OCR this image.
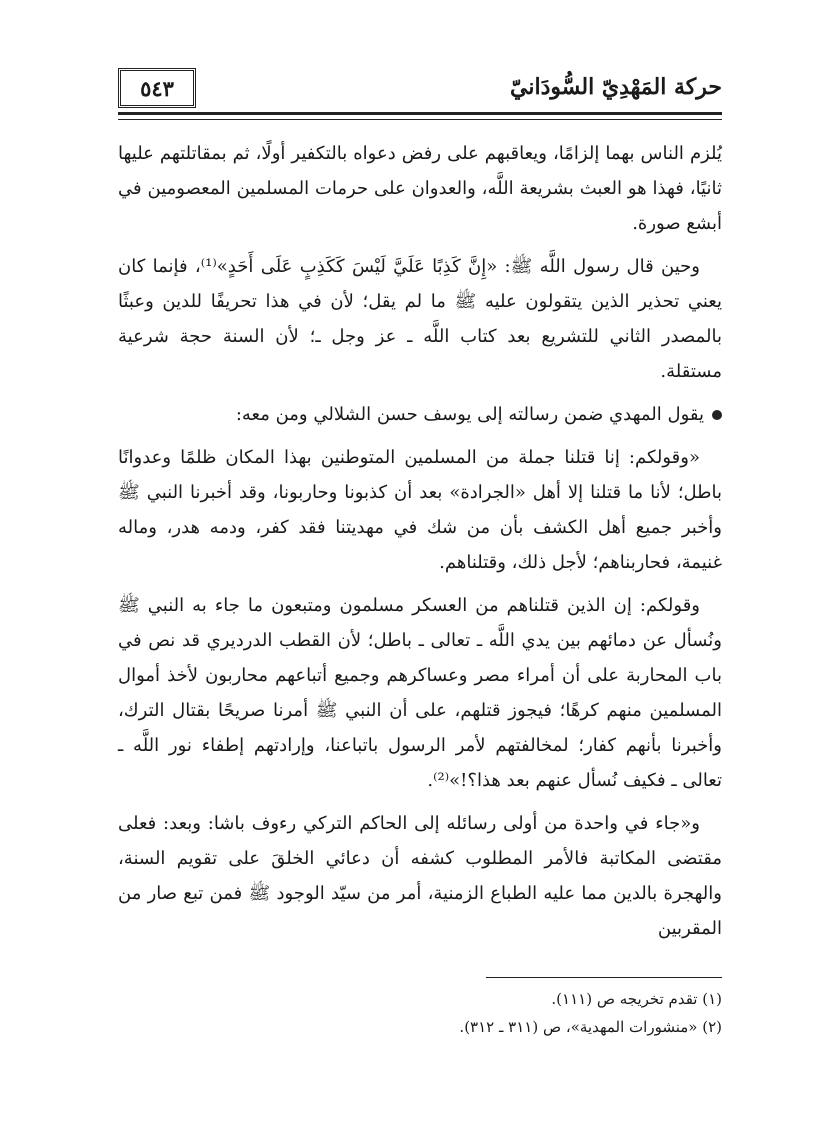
٥٤٣	حركة المَهْدِيّ السُّودَانيّ

يُلزم الناس بهما إلزامًا، ويعاقبهم على رفض دعواه بالتكفير أولًا، ثم بمقاتلتهم عليها ثانيًا، فهذا هو العبث بشريعة اللَّه، والعدوان على حرمات المسلمين المعصومين في أبشع صورة.

وحين قال رسول اللَّه ﷺ: «إِنَّ كَذِبًا عَلَيَّ لَيْسَ كَكَذِبٍ عَلَى أَحَدٍ»⁽¹⁾، فإنما كان يعني تحذير الذين يتقولون عليه ﷺ ما لم يقل؛ لأن في هذا تحريفًا للدين وعبثًا بالمصدر الثاني للتشريع بعد كتاب اللَّه ـ عز وجل ـ؛ لأن السنة حجة شرعية مستقلة.

يقول المهدي ضمن رسالته إلى يوسف حسن الشلالي ومن معه:

«وقولكم: إنا قتلنا جملة من المسلمين المتوطنين بهذا المكان ظلمًا وعدوانًا باطل؛ لأنا ما قتلنا إلا أهل «الجرادة» بعد أن كذبونا وحاربونا، وقد أخبرنا النبي ﷺ وأخبر جميع أهل الكشف بأن من شك في مهديتنا فقد كفر، ودمه هدر، وماله غنيمة، فحاربناهم؛ لأجل ذلك، وقتلناهم.

وقولكم: إن الذين قتلناهم من العسكر مسلمون ومتبعون ما جاء به النبي ﷺ ونُسأل عن دمائهم بين يدي اللَّه ـ تعالى ـ باطل؛ لأن القطب الدرديري قد نص في باب المحاربة على أن أمراء مصر وعساكرهم وجميع أتباعهم محاربون لأخذ أموال المسلمين منهم كرهًا؛ فيجوز قتلهم، على أن النبي ﷺ أمرنا صريحًا بقتال الترك، وأخبرنا بأنهم كفار؛ لمخالفتهم لأمر الرسول باتباعنا، وإرادتهم إطفاء نور اللَّه ـ تعالى ـ فكيف نُسأل عنهم بعد هذا؟!»⁽²⁾.

و«جاء في واحدة من أولى رسائله إلى الحاكم التركي رءوف باشا: وبعد: فعلى مقتضى المكاتبة فالأمر المطلوب كشفه أن دعائي الخلقَ على تقويم السنة، والهجرة بالدين مما عليه الطباع الزمنية، أمر من سيّد الوجود ﷺ فمن تبع صار من المقربين

(١) تقدم تخريجه ص (١١١).
(٢) «منشورات المهدية»، ص (٣١١ ـ ٣١٢).
